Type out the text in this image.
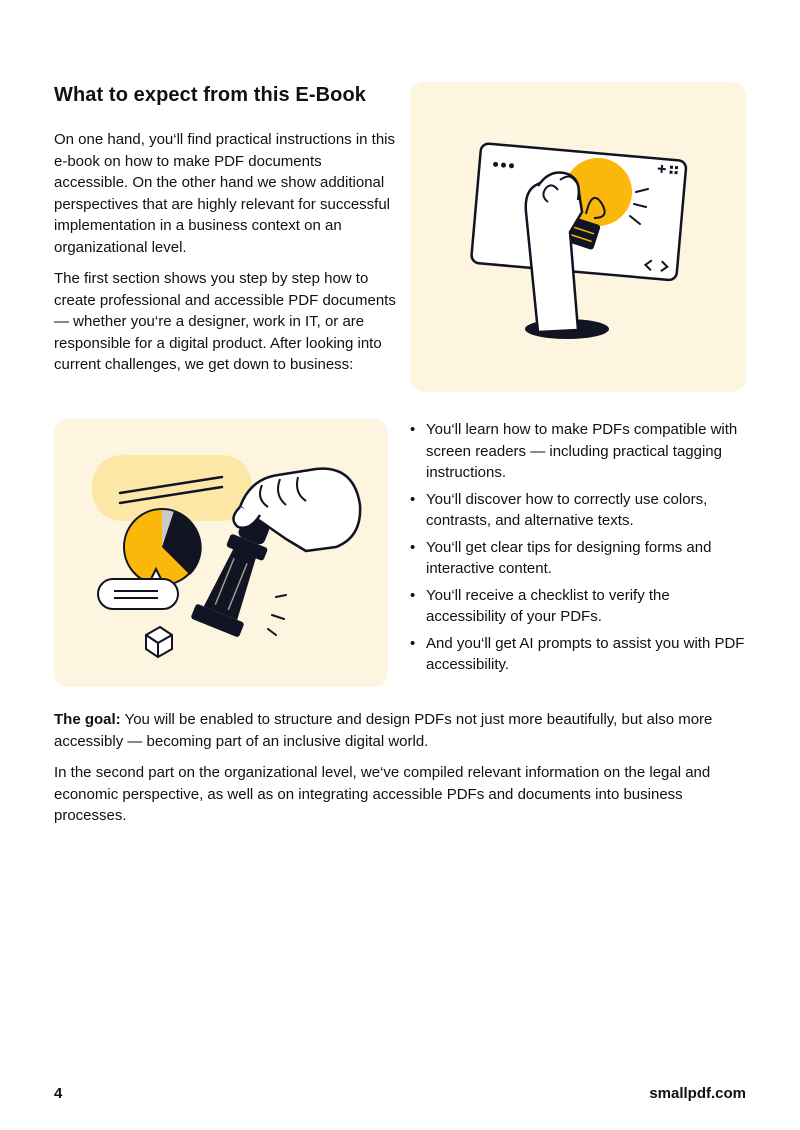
What to expect from this E-Book

On one hand, you‘ll find practical instructions in this e-book on how to make PDF documents accessible. On the other hand we show additional perspectives that are highly relevant for successful implementation in a business context on an organizational level.

The first section shows you step by step how to create professional and accessible PDF documents — whether you‘re a designer, work in IT, or are responsible for a digital product. After looking into current challenges, we get down to business:

• You‘ll learn how to make PDFs compatible with screen readers — including practical tagging instructions.
• You‘ll discover how to correctly use colors, contrasts, and alternative texts.
• You‘ll get clear tips for designing forms and interactive content.
• You‘ll receive a checklist to verify the accessibility of your PDFs.
• And you‘ll get AI prompts to assist you with PDF accessibility.

The goal: You will be enabled to structure and design PDFs not just more beautifully, but also more accessibly — becoming part of an inclusive digital world.

In the second part on the organizational level, we‘ve compiled relevant information on the legal and economic perspective, as well as on integrating accessible PDFs and documents into business processes.

4	smallpdf.com
